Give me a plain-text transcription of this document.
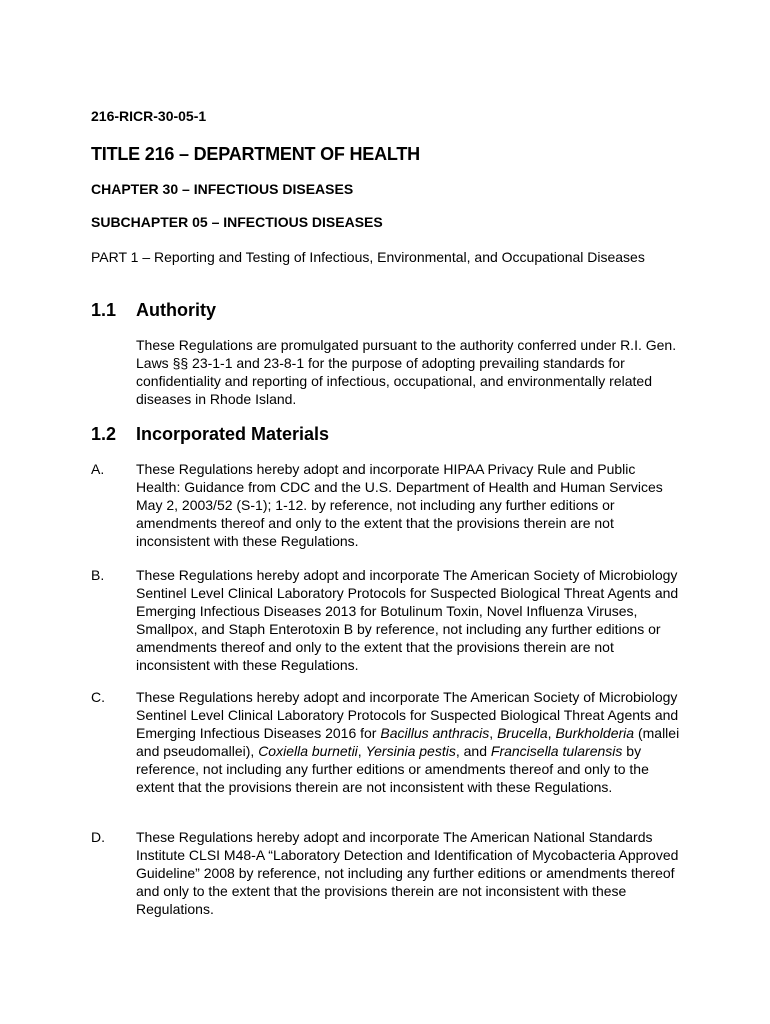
216-RICR-30-05-1
TITLE 216 – DEPARTMENT OF HEALTH
CHAPTER 30 – INFECTIOUS DISEASES
SUBCHAPTER 05 – INFECTIOUS DISEASES
PART 1 – Reporting and Testing of Infectious, Environmental, and Occupational Diseases
1.1 Authority
These Regulations are promulgated pursuant to the authority conferred under R.I. Gen. Laws §§ 23-1-1 and 23-8-1 for the purpose of adopting prevailing standards for confidentiality and reporting of infectious, occupational, and environmentally related diseases in Rhode Island.
1.2 Incorporated Materials
A. These Regulations hereby adopt and incorporate HIPAA Privacy Rule and Public Health: Guidance from CDC and the U.S. Department of Health and Human Services May 2, 2003/52 (S-1); 1-12. by reference, not including any further editions or amendments thereof and only to the extent that the provisions therein are not inconsistent with these Regulations.
B. These Regulations hereby adopt and incorporate The American Society of Microbiology Sentinel Level Clinical Laboratory Protocols for Suspected Biological Threat Agents and Emerging Infectious Diseases 2013 for Botulinum Toxin, Novel Influenza Viruses, Smallpox, and Staph Enterotoxin B by reference, not including any further editions or amendments thereof and only to the extent that the provisions therein are not inconsistent with these Regulations.
C. These Regulations hereby adopt and incorporate The American Society of Microbiology Sentinel Level Clinical Laboratory Protocols for Suspected Biological Threat Agents and Emerging Infectious Diseases 2016 for Bacillus anthracis, Brucella, Burkholderia (mallei and pseudomallei), Coxiella burnetii, Yersinia pestis, and Francisella tularensis by reference, not including any further editions or amendments thereof and only to the extent that the provisions therein are not inconsistent with these Regulations.
D. These Regulations hereby adopt and incorporate The American National Standards Institute CLSI M48-A “Laboratory Detection and Identification of Mycobacteria Approved Guideline” 2008 by reference, not including any further editions or amendments thereof and only to the extent that the provisions therein are not inconsistent with these Regulations.
